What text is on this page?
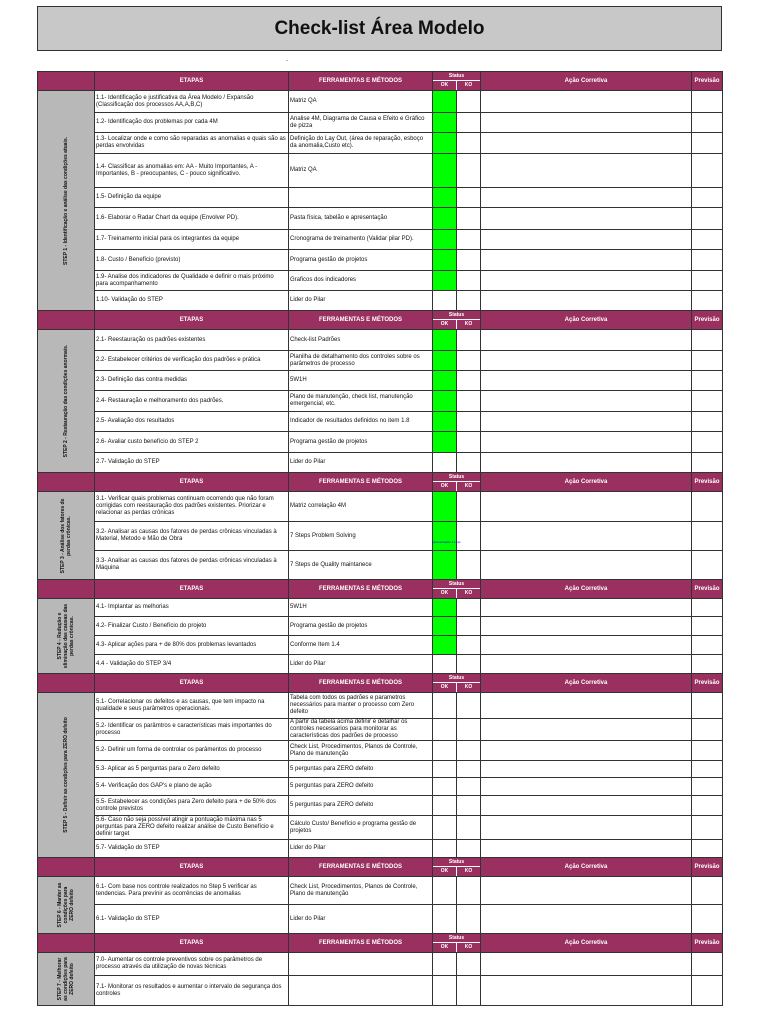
Check-list Área Modelo
-
-
	ETAPAS	FERRAMENTAS E MÉTODOS	Status
OK KO		Ação Corretiva	Previsão

STEP 1 - Identificação e análise das condições atuais.	1.1- Identificação e justificativa da Área Modelo / Expansão (Classificação dos processos AA,A,B,C)	Matriz QA				
	1.2- Identificação dos problemas por cada 4M	Analise 4M, Diagrama de Causa e Efeito e Gráfico de pizza				
	1.3- Localizar onde e como são reparadas as anomalias e quais são as perdas envolvidas	Definição do Lay Out, (área de reparação, esboço da anomalia,Custo etc).				
	1.4- Classificar as anomalias em: AA - Muito Importantes, A - Importantes, B - preocupantes, C - pouco significativo.	Matriz QA				
	1.5- Definição da equipe					
	1.6- Elaborar o Radar Chart da equipe (Envolver PD).	Pasta física, tabelão e apresentação				
	1.7- Treinamento inicial para os integrantes da equipe	Cronograma de treinamento (Validar pilar PD).				
	1.8- Custo / Benefício (previsto)	Programa gestão de projetos				
	1.9- Analise dos indicadores de Qualidade e definir o mais próximo para acompanhamento	Graficos dos indicadores				
	1.10- Validação do STEP	Lider do Pilar				
	ETAPAS	FERRAMENTAS E MÉTODOS	Status
OK KO		Ação Corretiva	Previsão

STEP 2 - Restauração das condições anormais.	2.1- Reestauração os padrões existentes	Check-list Padrões				
	2.2- Estabelecer critérios de verificação dos padrões e prática	Planilha de detalhamento dos controles sobre os parâmetros de processo				
	2.3- Definição das contra medidas	5W1H				
	2.4- Restauração e melhoramento dos padrões.	Plano de manutenção, check list, manutenção emergencial, etc.				
	2.5- Avaliação dos resultados	Indicador de resultados definidos no item 1.8				
	2.6- Avaliar custo benefício do STEP 2	Programa gestão de projetos				
	2.7- Validação do STEP	Lider do Pilar				
	ETAPAS	FERRAMENTAS E MÉTODOS	Status
OK KO		Ação Corretiva	Previsão

STEP 3 - Análise dos fatores de perdas crônicas.	3.1- Verificar quais problemas continuam ocorrendo que não foram corrigidas com reestauração dos padrões existentes. Priorizar e relacionar as perdas crônicas	Matriz correlação 4M				
	3.2- Analisar as causas dos fatores de perdas crônicas vinculadas à Material, Metodo e Mão de Obra	7 Steps Problem Solving		Apresentação 1.1.ppt		

	3.3- Analisar as causas dos fatores de perdas crônicas vinculadas à Máquina	7 Steps de Quality maintanece				
	ETAPAS	FERRAMENTAS E MÉTODOS	Status
OK KO		Ação Corretiva	Previsão

STEP 4 - Redução e eliminação das causas das perdas crônicas.	4.1- Implantar as melhorias	5W1H				
	4.2- Finalizar Custo / Benefício do projeto	Programa gestão de projetos				
	4.3- Aplicar ações para + de 80% dos problemas levantados	Conforme Item 1.4				
	4.4 - Validação do STEP 3/4	Lider do Pilar				
	ETAPAS	FERRAMENTAS E MÉTODOS	Status
OK KO		Ação Corretiva	Previsão

STEP 5 - Definir as condições para ZERO defeito	5.1- Correlacionar os defeitos e as causas, que tem impacto na qualidade e seus parâmetros operacionais.	Tabela com todos os padrões e parametros necessários para manter o processo com Zero defeito				
	5.2- Identificar os parâmtros e características mais importantes do processo	A partir da tabela acima definir e detalhar os controles necessarios para monitorar as características dos padrões de processo				
	5.2- Definir um forma de controlar os parâmentos do processo	Check List, Procedimentos, Planos de Controle, Plano de manutenção				
	5.3- Aplicar as 5 perguntas para o Zero defeito	5 perguntas para ZERO defeito				
	5.4- Verificação dos GAP's e plano de ação	5 perguntas para ZERO defeito				
	5.5- Estabelecer as condições para Zero defeito para + de 50% dos controle previstos	5 perguntas para ZERO defeito				
	5.6- Caso não seja possível atingir a pontuação máxima nas 5 perguntas para ZERO defeito realizar análise de Custo Benefício e definir target	Cálculo Custo/ Benefício e programa gestão de projetos				
	5.7- Validação do STEP	Lider do Pilar				
	ETAPAS	FERRAMENTAS E MÉTODOS	Status
OK KO		Ação Corretiva	Previsão

STEP 6 - Manter as condições para ZERO defeito	6.1- Com base nos controle realizados no Step 5 verificar as tendencias. Para prevínir as ocorrências de anomalias	Check List, Procedimentos, Planos de Controle, Plano de manutenção				
	6.1- Validação do STEP	Lider do Pilar				
	ETAPAS	FERRAMENTAS E MÉTODOS	Status
OK KO		Ação Corretiva	Previsão

STEP 7 - Melhorar as condições para ZERO defeito	7.0- Aumentar os controle preventivos sobre os parâmetros de processo através da utilização de novas técnicas					
	7.1- Monitorar os resultados e aumentar o intervalo de segurança dos controles					
